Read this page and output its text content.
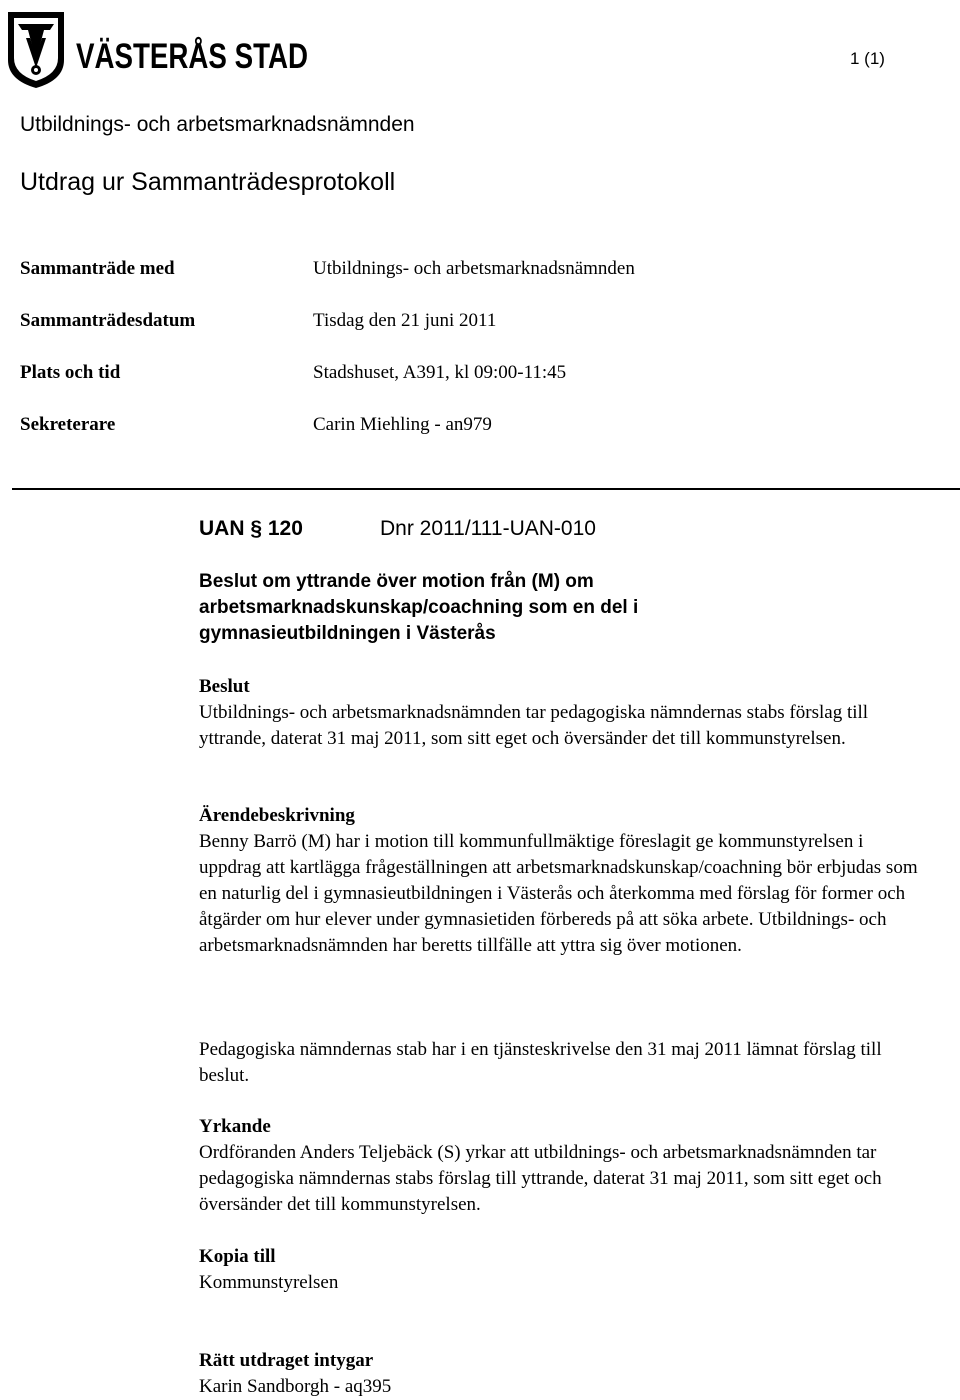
VÄSTERÅS STAD	1 (1)
Utbildnings- och arbetsmarknadsnämnden
Utdrag ur Sammanträdesprotokoll
Sammanträde med	Utbildnings- och arbetsmarknadsnämnden
Sammanträdesdatum	Tisdag den 21 juni 2011
Plats och tid	Stadshuset, A391, kl 09:00-11:45
Sekreterare	Carin Miehling - an979
UAN § 120	Dnr 2011/111-UAN-010
Beslut om yttrande över motion från (M) om arbetsmarknadskunskap/coachning som en del i gymnasieutbildningen i Västerås
Beslut

Utbildnings- och arbetsmarknadsnämnden tar pedagogiska nämndernas stabs förslag till yttrande, daterat 31 maj 2011, som sitt eget och översänder det till kommunstyrelsen.

Ärendebeskrivning

Benny Barrö (M) har i motion till kommunfullmäktige föreslagit ge kommunstyrelsen i uppdrag att kartlägga frågeställningen att arbetsmarknadskunskap/coachning bör erbjudas som en naturlig del i gymnasieutbildningen i Västerås och återkomma med förslag för former och åtgärder om hur elever under gymnasietiden förbereds på att söka arbete. Utbildnings- och arbetsmarknadsnämnden har beretts tillfälle att yttra sig över motionen.

Pedagogiska nämndernas stab har i en tjänsteskrivelse den 31 maj 2011 lämnat förslag till beslut.

Yrkande

Ordföranden Anders Teljebäck (S) yrkar att utbildnings- och arbetsmarknadsnämnden tar pedagogiska nämndernas stabs förslag till yttrande, daterat 31 maj 2011, som sitt eget och översänder det till kommunstyrelsen.

Kopia till

Kommunstyrelsen

Rätt utdraget intygar

Karin Sandborgh - aq395
